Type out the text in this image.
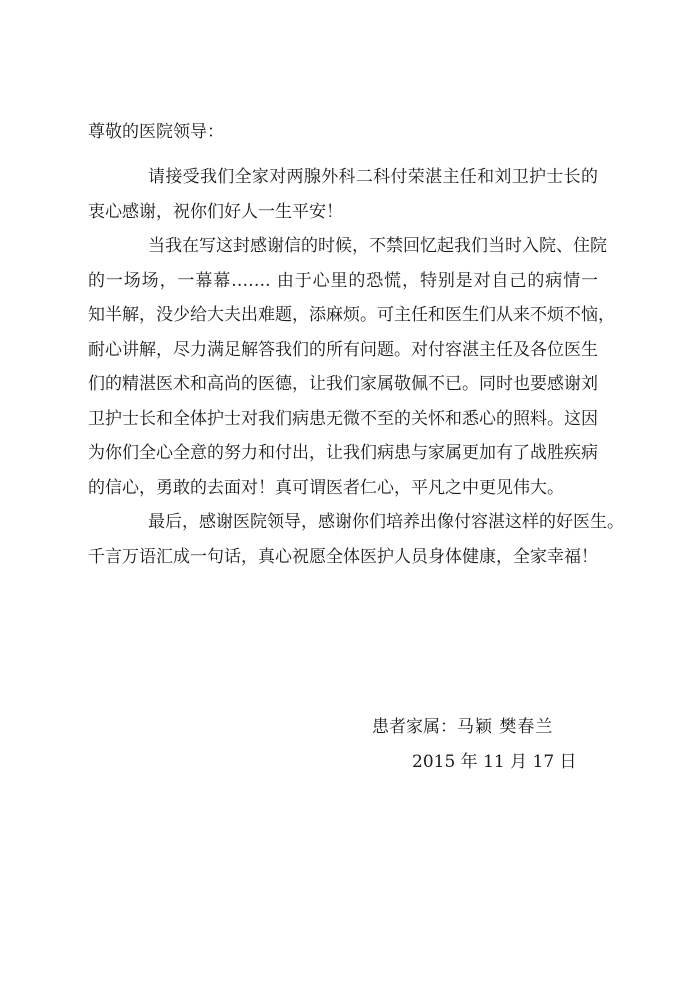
尊敬的医院领导：
请接受我们全家对两腺外科二科付荣湛主任和刘卫护士长的
衷心感谢，祝你们好人一生平安！
当我在写这封感谢信的时候，不禁回忆起我们当时入院、住院
的一场场，一幕幕……. 由于心里的恐慌，特别是对自己的病情一
知半解，没少给大夫出难题，添麻烦。可主任和医生们从来不烦不恼，
耐心讲解，尽力满足解答我们的所有问题。对付容湛主任及各位医生
们的精湛医术和高尚的医德，让我们家属敬佩不已。同时也要感谢刘
卫护士长和全体护士对我们病患无微不至的关怀和悉心的照料。这因
为你们全心全意的努力和付出，让我们病患与家属更加有了战胜疾病
的信心，勇敢的去面对！真可谓医者仁心，平凡之中更见伟大。
最后，感谢医院领导，感谢你们培养出像付容湛这样的好医生。
千言万语汇成一句话，真心祝愿全体医护人员身体健康，全家幸福！
患者家属：马颖 樊春兰
2015 年 11 月 17 日
